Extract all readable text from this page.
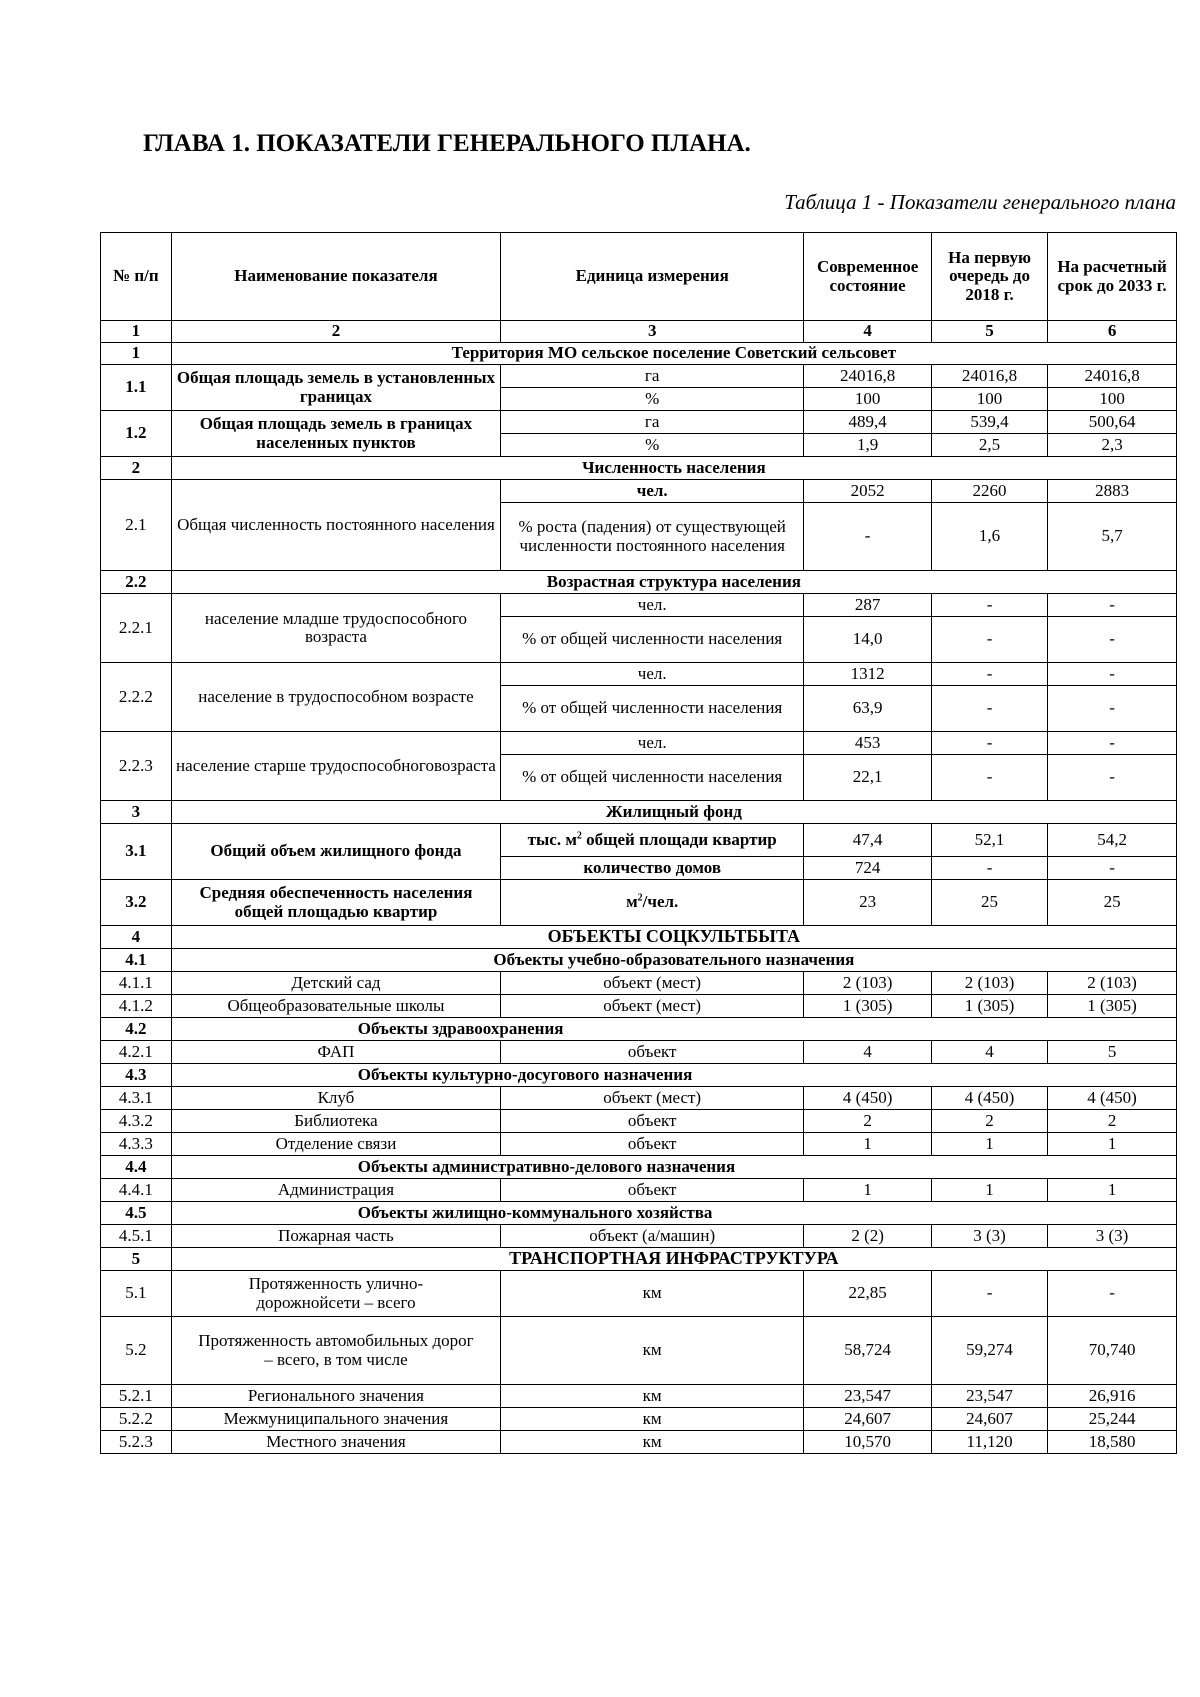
ГЛАВА 1. ПОКАЗАТЕЛИ ГЕНЕРАЛЬНОГО ПЛАНА.
Таблица 1 - Показатели генерального плана
№ п/п	Наименование показателя	Единица измерения	Современное состояние	На первую очередь до 2018 г.	На расчетный срок до 2033 г.
1	2	3	4	5	6
1	Территория МО сельское поселение Советский сельсовет				
1.1	Общая площадь земель в установленных границах	га	24016,8	24016,8	24016,8
		%	100	100	100
1.2	Общая площадь земель в границах населенных пунктов	га	489,4	539,4	500,64
		%	1,9	2,5	2,3
2	Численность населения				
2.1	Общая численность постоянного населения	чел.	2052	2260	2883
		% роста (падения) от существующей численности постоянного населения	-	1,6	5,7
2.2	Возрастная структура населения				
2.2.1	население младше трудоспособного возраста	чел.	287	-	-
		% от общей численности населения	14,0	-	-
2.2.2	население в трудоспособном возрасте	чел.	1312	-	-
		% от общей численности населения	63,9	-	-
2.2.3	население старше трудоспособноговозраста	чел.	453	-	-
		% от общей численности населения	22,1	-	-
3	Жилищный фонд				
3.1	Общий объем жилищного фонда	тыс. $м^2$ общей площади квартир	47,4	52,1	54,2
		количество домов	724	-	-
3.2	Средняя обеспеченность населения общей площадью квартир	$м^2$/чел.	23	25	25
4	ОБЪЕКТЫ СОЦКУЛЬТБЫТА				
4.1	Объекты учебно-образовательного назначения				
4.1.1	Детский сад	объект (мест)	2 (103)	2 (103)	2 (103)
4.1.2	Общеобразовательные школы	объект (мест)	1 (305)	1 (305)	1 (305)
4.2	Объекты здравоохранения				
4.2.1	ФАП	объект	4	4	5
4.3	Объекты культурно-досугового назначения				
4.3.1	Клуб	объект (мест)	4 (450)	4 (450)	4 (450)
4.3.2	Библиотека	объект	2	2	2
4.3.3	Отделение связи	объект	1	1	1
4.4	Объекты административно-делового назначения				
4.4.1	Администрация	объект	1	1	1
4.5	Объекты жилищно-коммунального хозяйства				
4.5.1	Пожарная часть	объект (а/машин)	2 (2)	3 (3)	3 (3)
5	ТРАНСПОРТНАЯ ИНФРАСТРУКТУРА				
5.1	Протяженность улично-дорожнойсети – всего	км	22,85	-	-
5.2	Протяженность автомобильных дорог – всего, в том числе	км	58,724	59,274	70,740
5.2.1	Регионального значения	км	23,547	23,547	26,916
5.2.2	Межмуниципального значения	км	24,607	24,607	25,244
5.2.3	Местного значения	км	10,570	11,120	18,580
